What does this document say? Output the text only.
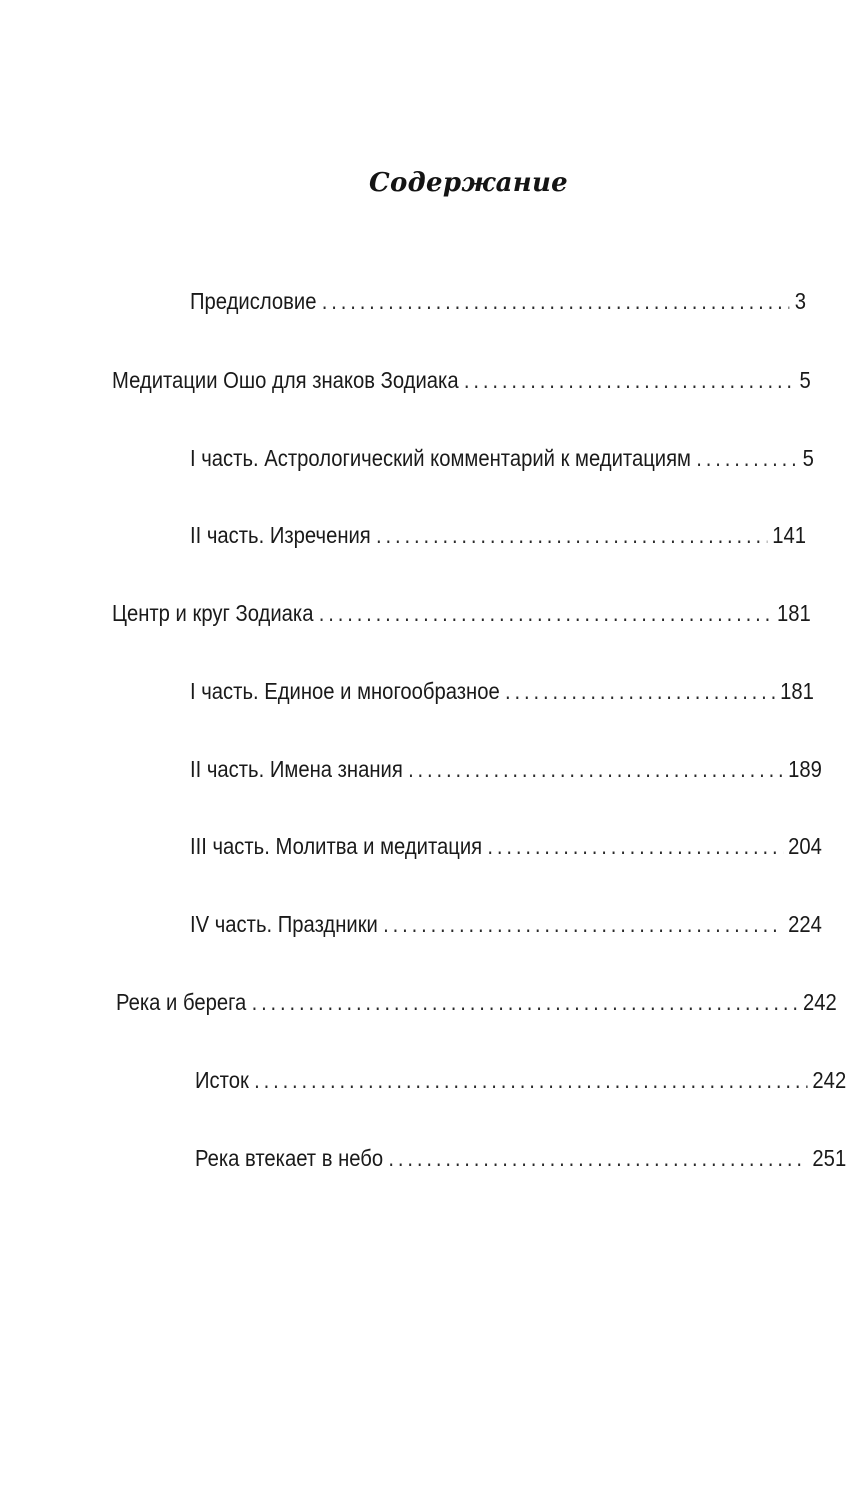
Содержание
Предисловие . . .	3
Медитации Ошо для знаков Зодиака . . .	5
I часть. Астрологический комментарий к медитациям . . .	5
II часть. Изречения . . .	141
Центр и круг Зодиака . . .	181
I часть. Единое и многообразное . . .	181
II часть. Имена знания . . .	189
III часть. Молитва и медитация . . .	204
IV часть. Праздники . . .	224
Река и берега . . .	242
Исток . . .	242
Река втекает в небо . . .	251
